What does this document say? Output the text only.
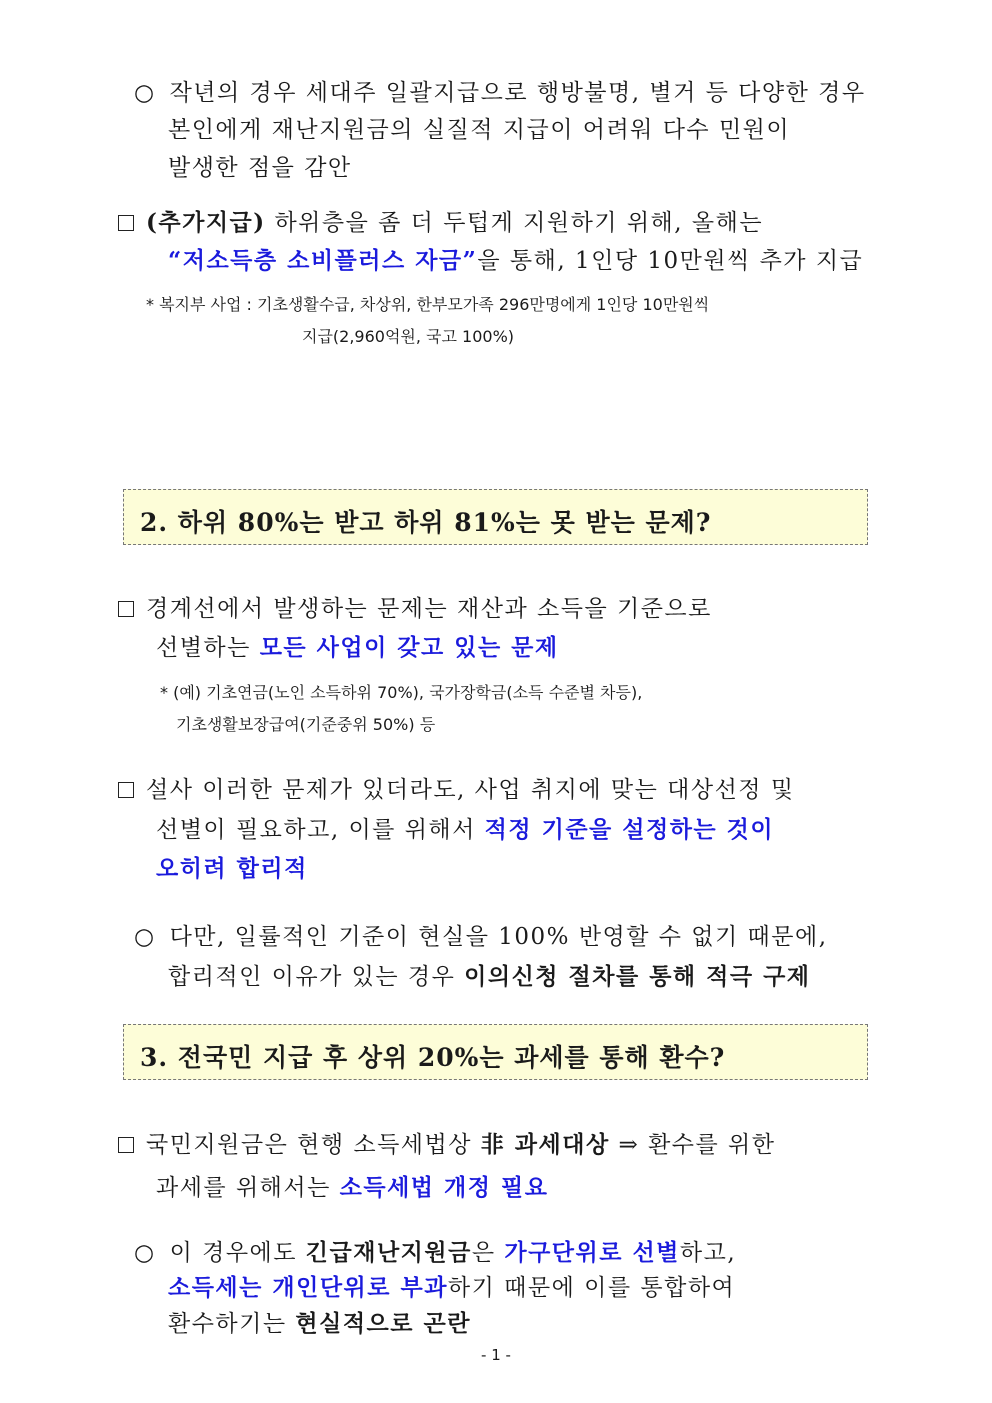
○ 작년의 경우 세대주 일괄지급으로 행방불명, 별거 등 다양한 경우
본인에게 재난지원금의 실질적 지급이 어려워 다수 민원이
발생한 점을 감안
(추가지급) 하위층을 좀 더 두텁게 지원하기 위해, 올해는
“저소득층 소비플러스 자금”을 통해, 1인당 10만원씩 추가 지급
* 복지부 사업 : 기초생활수급, 차상위, 한부모가족 296만명에게 1인당 10만원씩
지급(2,960억원, 국고 100%)
2. 하위 80%는 받고 하위 81%는 못 받는 문제?
경계선에서 발생하는 문제는 재산과 소득을 기준으로
선별하는 모든 사업이 갖고 있는 문제
* (예) 기초연금(노인 소득하위 70%), 국가장학금(소득 수준별 차등),
기초생활보장급여(기준중위 50%) 등
설사 이러한 문제가 있더라도, 사업 취지에 맞는 대상선정 및
선별이 필요하고, 이를 위해서 적정 기준을 설정하는 것이
오히려 합리적
○ 다만, 일률적인 기준이 현실을 100% 반영할 수 없기 때문에,
합리적인 이유가 있는 경우 이의신청 절차를 통해 적극 구제
3. 전국민 지급 후 상위 20%는 과세를 통해 환수?
국민지원금은 현행 소득세법상 非 과세대상 ⇒ 환수를 위한
과세를 위해서는 소득세법 개정 필요
○ 이 경우에도 긴급재난지원금은 가구단위로 선별하고,
소득세는 개인단위로 부과하기 때문에 이를 통합하여
환수하기는 현실적으로 곤란
- 1 -
